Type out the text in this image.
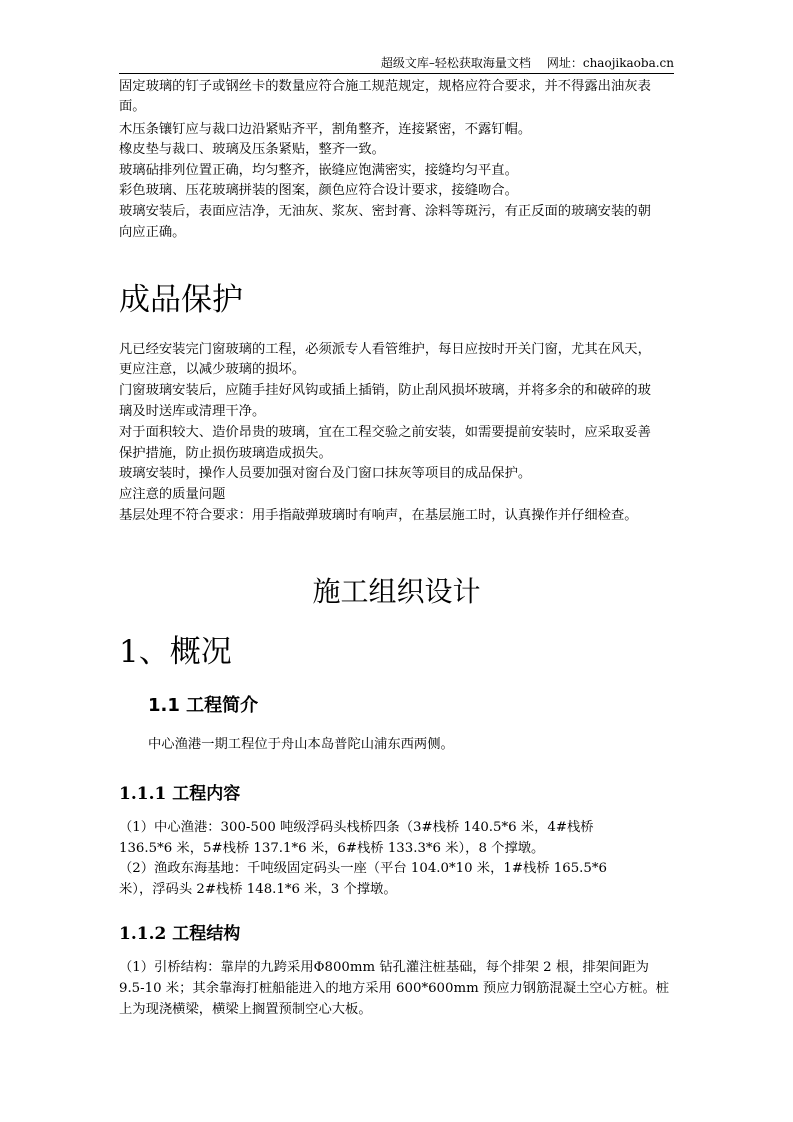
超级文库–轻松获取海量文档 网址：chaojikaoba.cn
固定玻璃的钉子或钢丝卡的数量应符合施工规范规定，规格应符合要求，并不得露出油灰表
面。
木压条镶钉应与裁口边沿紧贴齐平，割角整齐，连接紧密，不露钉帽。
橡皮垫与裁口、玻璃及压条紧贴，整齐一致。
玻璃砧排列位置正确，均匀整齐，嵌缝应饱满密实，接缝均匀平直。
彩色玻璃、压花玻璃拼装的图案，颜色应符合设计要求，接缝吻合。
玻璃安装后，表面应洁净，无油灰、浆灰、密封膏、涂料等斑污，有正反面的玻璃安装的朝
向应正确。
成品保护
凡已经安装完门窗玻璃的工程，必须派专人看管维护，每日应按时开关门窗，尤其在风天，
更应注意，以减少玻璃的损坏。
门窗玻璃安装后，应随手挂好风钩或插上插销，防止刮风损坏玻璃，并将多余的和破碎的玻
璃及时送库或清理干净。
对于面积较大、造价昂贵的玻璃，宜在工程交验之前安装，如需要提前安装时，应采取妥善
保护措施，防止损伤玻璃造成损失。
玻璃安装时，操作人员要加强对窗台及门窗口抹灰等项目的成品保护。
应注意的质量问题
基层处理不符合要求：用手指敲弹玻璃时有响声，在基层施工时，认真操作并仔细检查。
施工组织设计
1、概况
1.1 工程简介
中心渔港一期工程位于舟山本岛普陀山浦东西两侧。
1.1.1 工程内容
（1）中心渔港：300-500 吨级浮码头栈桥四条（3#栈桥 140.5*6 米，4#栈桥
136.5*6 米，5#栈桥 137.1*6 米，6#栈桥 133.3*6 米），8 个撑墩。
（2）渔政东海基地：千吨级固定码头一座（平台 104.0*10 米，1#栈桥 165.5*6
米），浮码头 2#栈桥 148.1*6 米，3 个撑墩。
1.1.2 工程结构
（1）引桥结构：靠岸的九跨采用Φ800mm 钻孔灌注桩基础，每个排架 2 根，排架间距为
9.5-10 米；其余靠海打桩船能进入的地方采用 600*600mm 预应力钢筋混凝土空心方桩。桩
上为现浇横梁，横梁上搁置预制空心大板。
